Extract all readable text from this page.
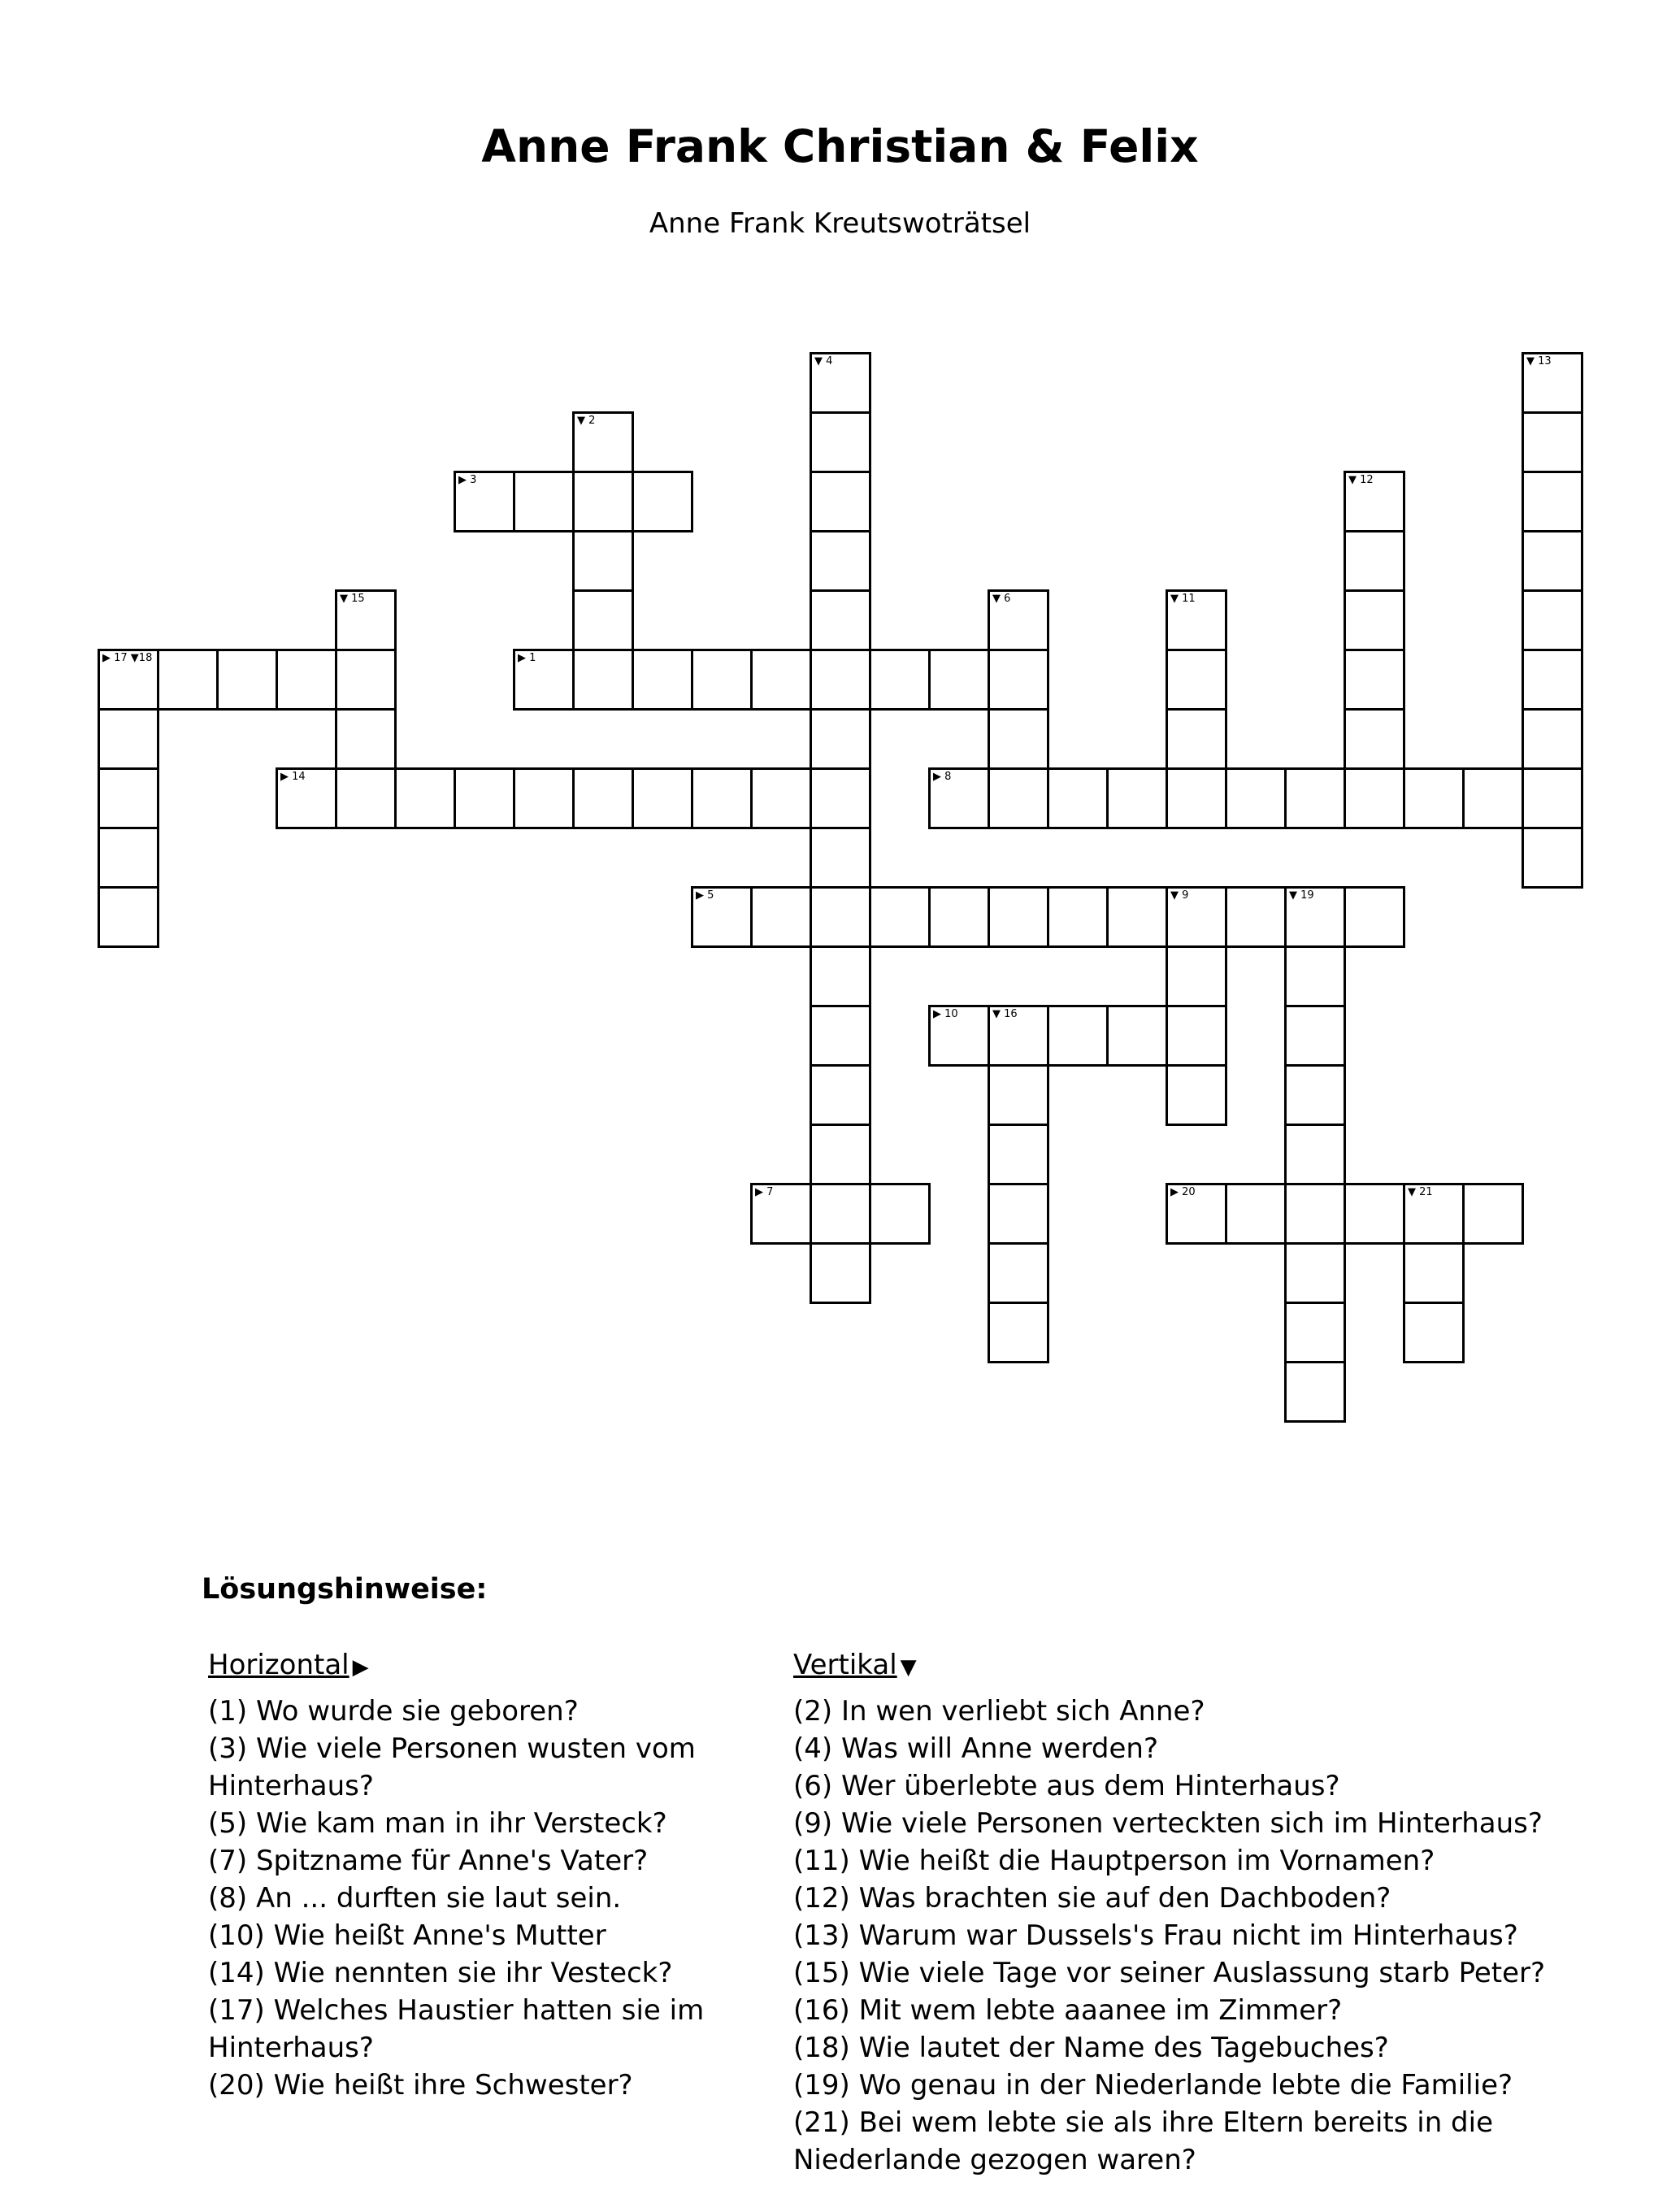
Anne Frank Christian & Felix
Anne Frank Kreutswoträtsel
▶ 1
▼ 2
▶ 3
▼ 4
▶ 5	▼ 9	▼ 19
▼ 6
▶ 7
▶ 8
▶ 10	▼ 16
▼ 11
▼ 12
▼ 13
▶ 14
▼ 15
▶ 17 ▼18
▶ 20	▼ 21
Lösungshinweise:
Horizontal ▶
(1) Wo wurde sie geboren?
(3) Wie viele Personen wusten vom Hinterhaus?
(5) Wie kam man in ihr Versteck?
(7) Spitzname für Anne's Vater?
(8) An ... durften sie laut sein.
(10) Wie heißt Anne's Mutter
(14) Wie nennten sie ihr Vesteck?
(17) Welches Haustier hatten sie im Hinterhaus?
(20) Wie heißt ihre Schwester?
Vertikal ▼
(2) In wen verliebt sich Anne?
(4) Was will Anne werden?
(6) Wer überlebte aus dem Hinterhaus?
(9) Wie viele Personen verteckten sich im Hinterhaus?
(11) Wie heißt die Hauptperson im Vornamen?
(12) Was brachten sie auf den Dachboden?
(13) Warum war Dussels's Frau nicht im Hinterhaus?
(15) Wie viele Tage vor seiner Auslassung starb Peter?
(16) Mit wem lebte aaanee im Zimmer?
(18) Wie lautet der Name des Tagebuches?
(19) Wo genau in der Niederlande lebte die Familie?
(21) Bei wem lebte sie als ihre Eltern bereits in die Niederlande gezogen waren?
